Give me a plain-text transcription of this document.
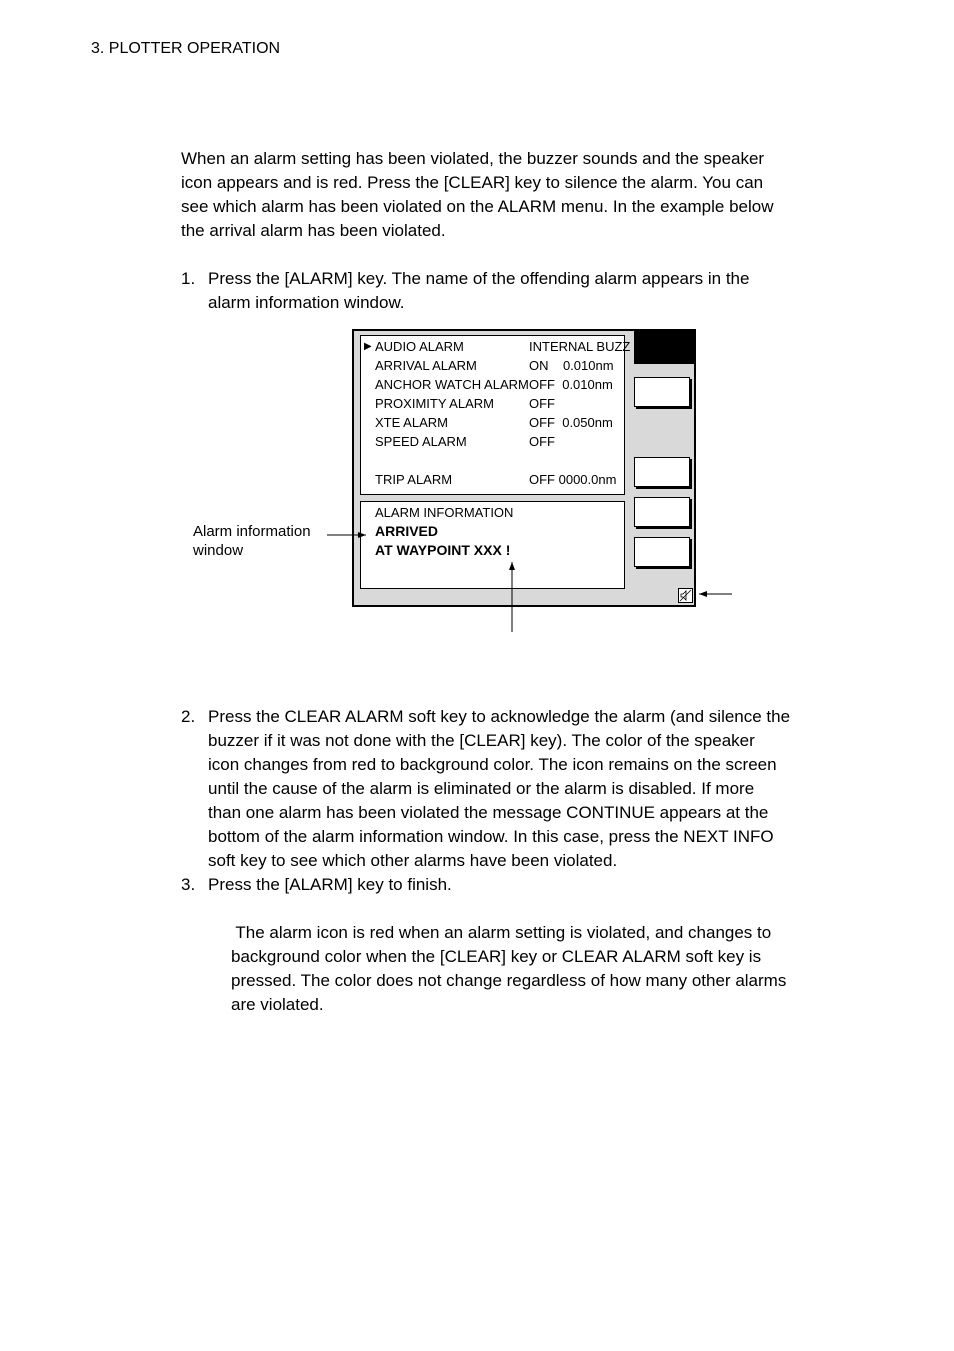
3. PLOTTER OPERATION
When an alarm setting has been violated, the buzzer sounds and the speaker
icon appears and is red. Press the [CLEAR] key to silence the alarm. You can
see which alarm has been violated on the ALARM menu. In the example below
the arrival alarm has been violated.
1. Press the [ALARM] key. The name of the offending alarm appears in the
alarm information window.
▶ AUDIO ALARM	INTERNAL BUZZ
ARRIVAL ALARM	ON    0.010nm
ANCHOR WATCH ALARM OFF  0.010nm
PROXIMITY ALARM	OFF
XTE ALARM	OFF  0.050nm
SPEED ALARM	OFF
TRIP ALARM	OFF 0000.0nm
ALARM INFORMATION
ARRIVED
AT WAYPOINT XXX !
Alarm information
window
2. Press the CLEAR ALARM soft key to acknowledge the alarm (and silence the
buzzer if it was not done with the [CLEAR] key). The color of the speaker
icon changes from red to background color. The icon remains on the screen
until the cause of the alarm is eliminated or the alarm is disabled. If more
than one alarm has been violated the message CONTINUE appears at the
bottom of the alarm information window. In this case, press the NEXT INFO
soft key to see which other alarms have been violated.
3. Press the [ALARM] key to finish.
The alarm icon is red when an alarm setting is violated, and changes to
background color when the [CLEAR] key or CLEAR ALARM soft key is
pressed. The color does not change regardless of how many other alarms
are violated.
